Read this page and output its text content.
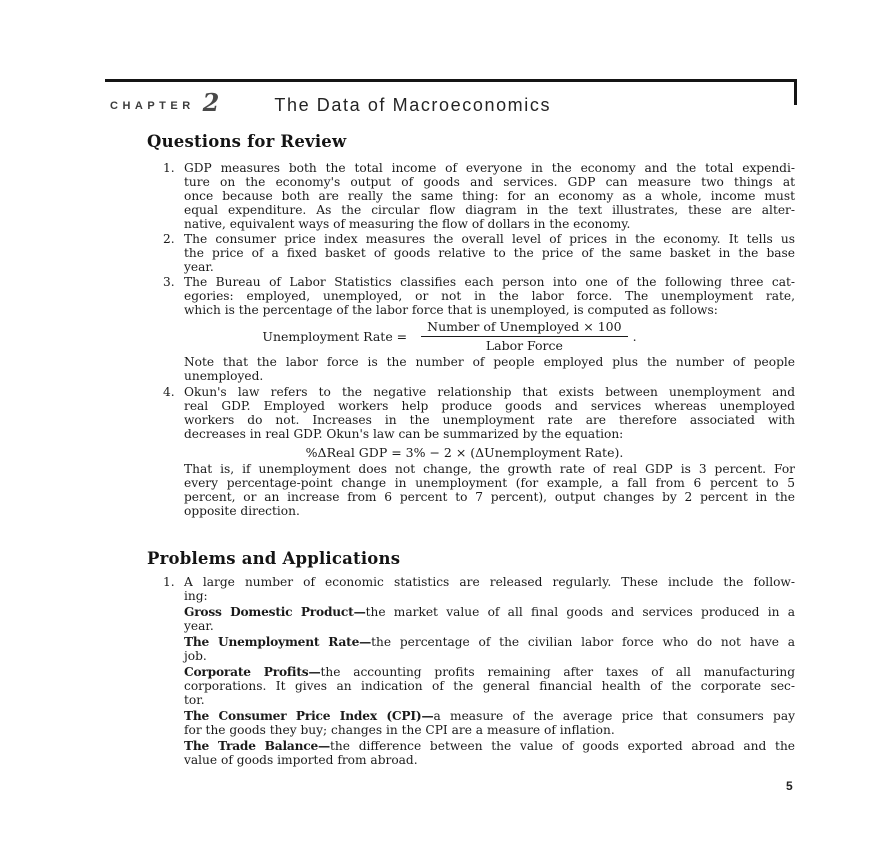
CHAPTER 2	The Data of Macroeconomics
Questions for Review
1. GDP measures both the total income of everyone in the economy and the total expendi-
ture on the economy's output of goods and services. GDP can measure two things at
once because both are really the same thing: for an economy as a whole, income must
equal expenditure. As the circular flow diagram in the text illustrates, these are alter-
native, equivalent ways of measuring the flow of dollars in the economy.
2. The consumer price index measures the overall level of prices in the economy. It tells us
the price of a fixed basket of goods relative to the price of the same basket in the base
year.
3. The Bureau of Labor Statistics classifies each person into one of the following three cat-
egories: employed, unemployed, or not in the labor force. The unemployment rate,
which is the percentage of the labor force that is unemployed, is computed as follows:
Unemployment Rate = $\frac{\text{Number of Unemployed × 100}}{\text{Labor Force}}$ .
Note that the labor force is the number of people employed plus the number of people
unemployed.
4. Okun's law refers to the negative relationship that exists between unemployment and
real GDP. Employed workers help produce goods and services whereas unemployed
workers do not. Increases in the unemployment rate are therefore associated with
decreases in real GDP. Okun's law can be summarized by the equation:
%ΔReal GDP = 3% − 2 × (ΔUnemployment Rate).
That is, if unemployment does not change, the growth rate of real GDP is 3 percent. For
every percentage-point change in unemployment (for example, a fall from 6 percent to 5
percent, or an increase from 6 percent to 7 percent), output changes by 2 percent in the
opposite direction.
Problems and Applications
1. A large number of economic statistics are released regularly. These include the follow-
ing:
Gross Domestic Product—the market value of all final goods and services produced in a
year.
The Unemployment Rate—the percentage of the civilian labor force who do not have a
job.
Corporate Profits—the accounting profits remaining after taxes of all manufacturing
corporations. It gives an indication of the general financial health of the corporate sec-
tor.
The Consumer Price Index (CPI)—a measure of the average price that consumers pay
for the goods they buy; changes in the CPI are a measure of inflation.
The Trade Balance—the difference between the value of goods exported abroad and the
value of goods imported from abroad.
5
